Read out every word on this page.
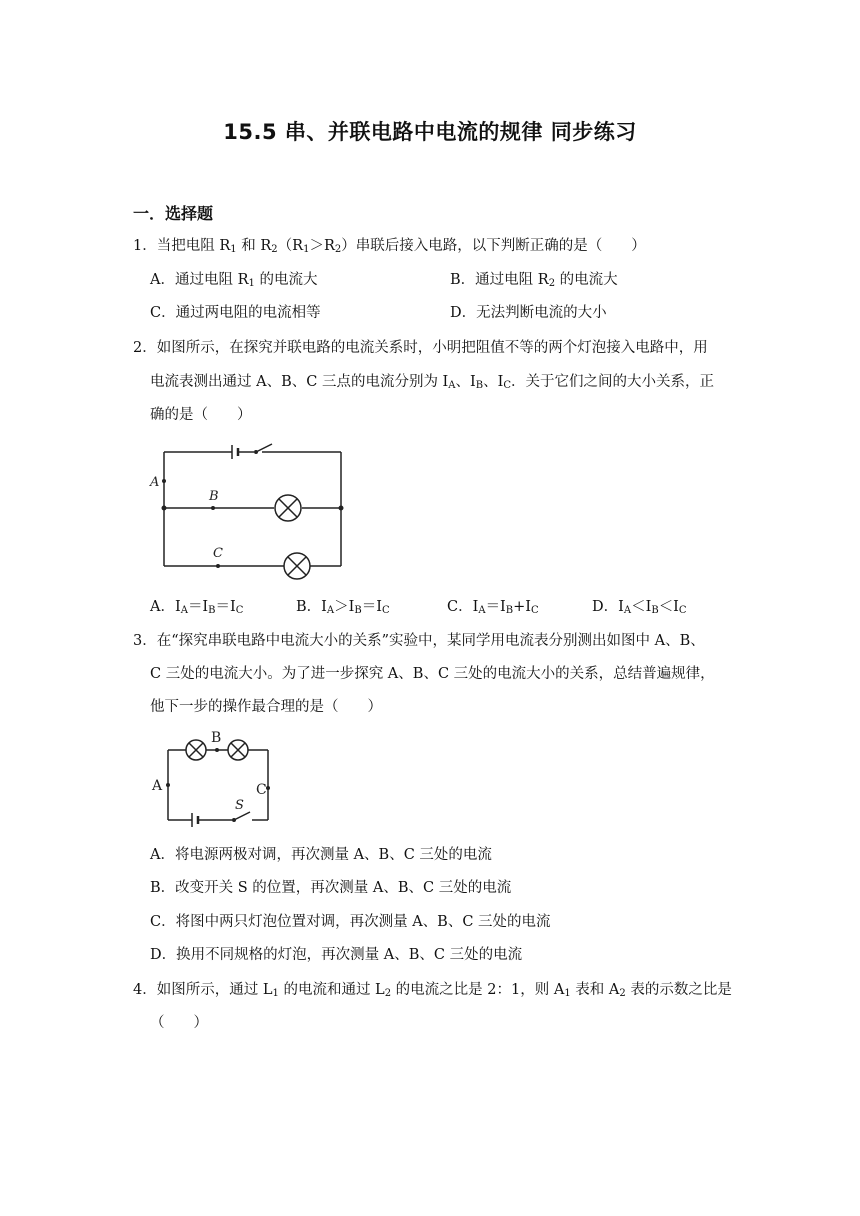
15.5 串、并联电路中电流的规律 同步练习
一．选择题
1．当把电阻 $R_1$ 和 $R_2(R_1>R_2)$串联后接入电路，以下判断正确的是（　　）
A．通过电阻 $R_1$ 的电流大	B．通过电阻 $R_2$ 的电流大
C．通过两电阻的电流相等	D．无法判断电流的大小
2．如图所示，在探究并联电路的电流关系时，小明把阻值不等的两个灯泡接入电路中，用
电流表测出通过 A、B、C 三点的电流分别为 $I_A$、$I_B$、$I_C$．关于它们之间的大小关系，正
确的是（　　）
A
B
C
A．$I_A=I_B=I_C$	B．$I_A>I_B=I_C$	C．$I_A=I_B+I_C$	D．$I_A<I_B<I_C$
3．在“探究串联电路中电流大小的关系”实验中，某同学用电流表分别测出如图中 A、B、
C 三处的电流大小。为了进一步探究 A、B、C 三处的电流大小的关系，总结普遍规律，
他下一步的操作最合理的是（　　）
B
A	C
S
A．将电源两极对调，再次测量 A、B、C 三处的电流
B．改变开关 S 的位置，再次测量 A、B、C 三处的电流
C．将图中两只灯泡位置对调，再次测量 A、B、C 三处的电流
D．换用不同规格的灯泡，再次测量 A、B、C 三处的电流
4．如图所示，通过 $L_1$ 的电流和通过 $L_2$ 的电流之比是 2：1，则 $A_1$ 表和 $A_2$ 表的示数之比是
（　　）
